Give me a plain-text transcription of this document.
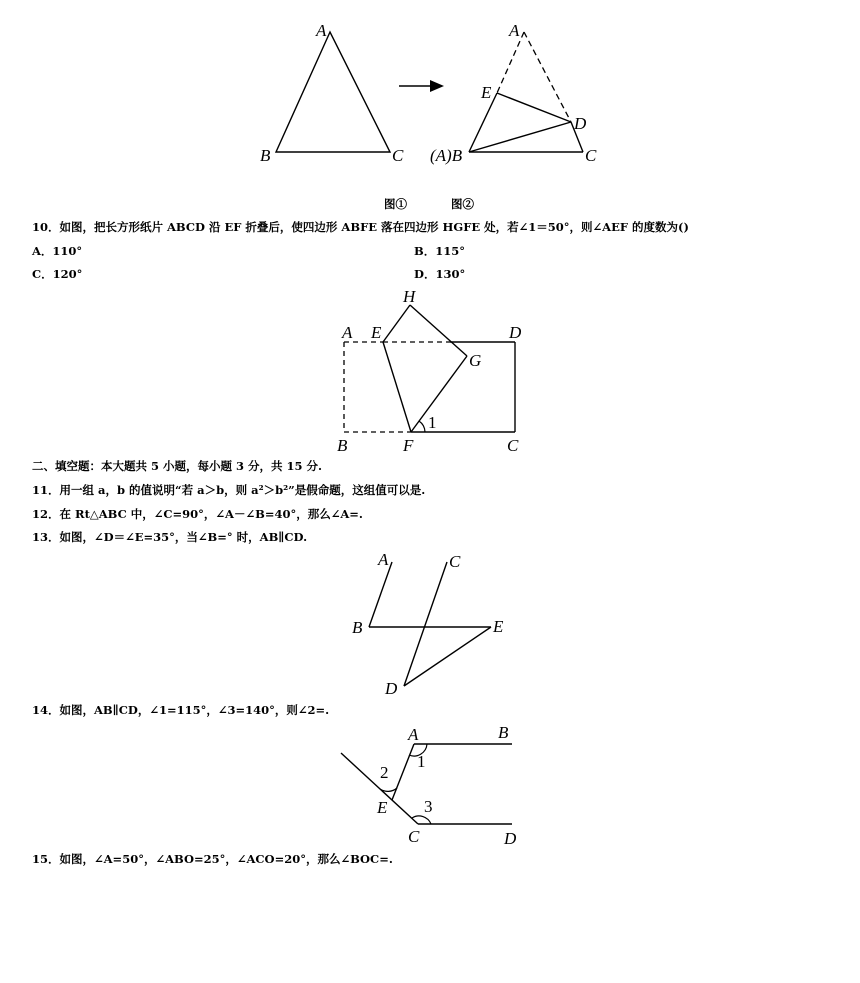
A
B	C
A
E
D
(A)B	C
图①	图②
10．如图，把长方形纸片 ABCD 沿 EF 折叠后，使四边形 ABFE 落在四边形 HGFE 处，若∠1＝50°，则∠AEF 的度数为()
A．110°	B．115°
C．120°	D．130°
H
A E	D
G
1
B	F	C
二、填空题：本大题共 5 小题，每小题 3 分，共 15 分.
11．用一组 a，b 的值说明“若 a＞b，则 a²＞b²”是假命题，这组值可以是.
12．在 Rt△ABC 中，∠C=90°，∠A－∠B=40°，那么∠A=.
13．如图，∠D＝∠E=35°，当∠B=° 时，AB∥CD.
A	C
B	E
D
14．如图，AB∥CD，∠1=115°，∠3=140°，则∠2=.
A	B
2
1
E 3
C	D
15．如图，∠A=50°，∠ABO=25°，∠ACO=20°，那么∠BOC=.
